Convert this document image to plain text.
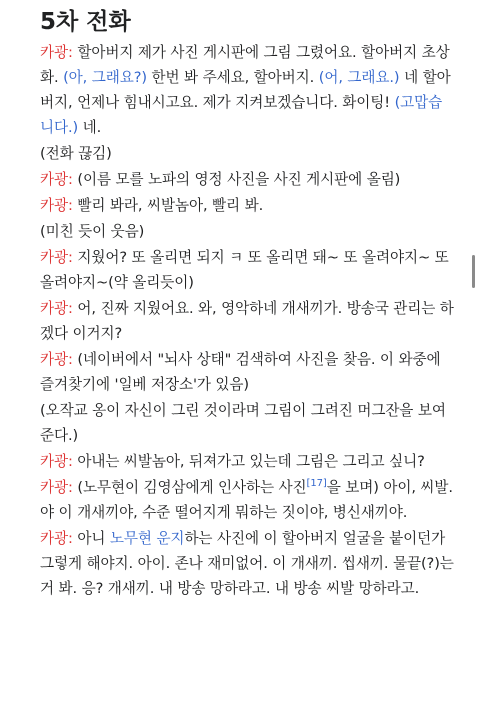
5차 전화
카광: 할아버지 제가 사진 게시판에 그림 그렸어요. 할아버지 초상화. (아, 그래요?) 한번 봐 주세요, 할아버지. (어, 그래요.) 네 할아버지, 언제나 힘내시고요. 제가 지켜보겠습니다. 화이팅! (고맙습니다.) 네.
(전화 끊김)
카광: (이름 모를 노파의 영정 사진을 사진 게시판에 올림)
카광: 빨리 봐라, 씨발놈아, 빨리 봐.
(미친 듯이 웃음)
카광: 지웠어? 또 올리면 되지 ㅋ 또 올리면 돼~ 또 올려야지~ 또 올려야지~(약 올리듯이)
카광: 어, 진짜 지웠어요. 와, 영악하네 개새끼가. 방송국 관리는 하겠다 이거지?
카광: (네이버에서 "뇌사 상태" 검색하여 사진을 찾음. 이 와중에 즐겨찾기에 '일베 저장소'가 있음)
(오작교 옹이 자신이 그린 것이라며 그림이 그려진 머그잔을 보여준다.)
카광: 아내는 씨발놈아, 뒤져가고 있는데 그림은 그리고 싶니?
카광: (노무현이 김영삼에게 인사하는 사진[17]을 보며) 아이, 씨발. 야 이 개새끼야, 수준 떨어지게 뭐하는 짓이야, 병신새끼야.
카광: 아니 노무현 운지하는 사진에 이 할아버지 얼굴을 붙이던가 그렇게 해야지. 아이. 존나 재미없어. 이 개새끼. 씹새끼. 물끝(?)는거 봐. 응? 개새끼. 내 방송 망하라고. 내 방송 씨발 망하라고.
